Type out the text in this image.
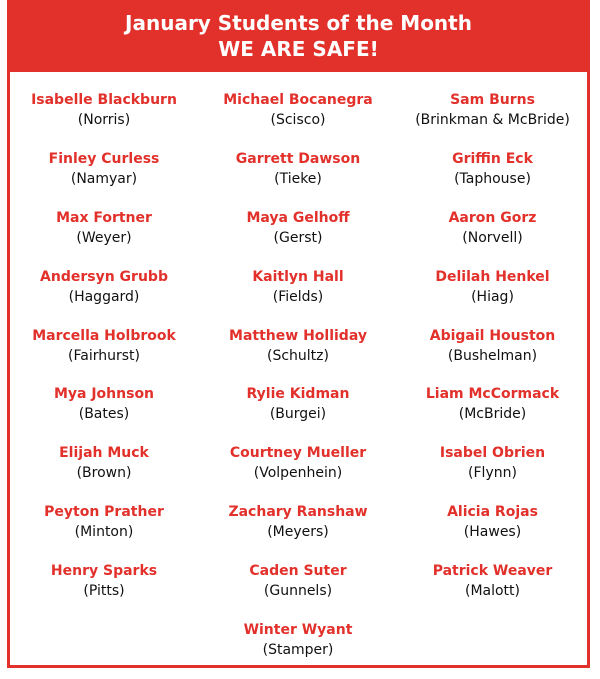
January Students of the Month
WE ARE SAFE!
Isabelle Blackburn
(Norris)
Michael Bocanegra
(Scisco)
Sam Burns
(Brinkman & McBride)
Finley Curless
(Namyar)
Garrett Dawson
(Tieke)
Griffin Eck
(Taphouse)
Max Fortner
(Weyer)
Maya Gelhoff
(Gerst)
Aaron Gorz
(Norvell)
Andersyn Grubb
(Haggard)
Kaitlyn Hall
(Fields)
Delilah Henkel
(Hiag)
Marcella Holbrook
(Fairhurst)
Matthew Holliday
(Schultz)
Abigail Houston
(Bushelman)
Mya Johnson
(Bates)
Rylie Kidman
(Burgei)
Liam McCormack
(McBride)
Elijah Muck
(Brown)
Courtney Mueller
(Volpenhein)
Isabel Obrien
(Flynn)
Peyton Prather
(Minton)
Zachary Ranshaw
(Meyers)
Alicia Rojas
(Hawes)
Henry Sparks
(Pitts)
Caden Suter
(Gunnels)
Patrick Weaver
(Malott)
Winter Wyant
(Stamper)
